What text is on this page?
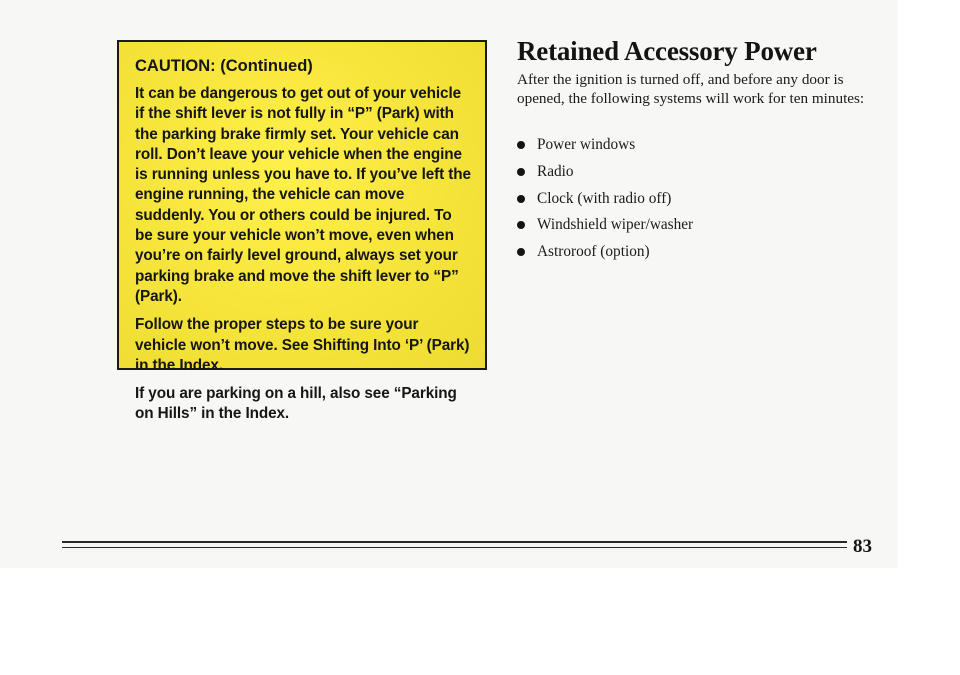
CAUTION: (Continued)

It can be dangerous to get out of your vehicle if the shift lever is not fully in “P” (Park) with the parking brake firmly set. Your vehicle can roll. Don’t leave your vehicle when the engine is running unless you have to. If you’ve left the engine running, the vehicle can move suddenly. You or others could be injured. To be sure your vehicle won’t move, even when you’re on fairly level ground, always set your parking brake and move the shift lever to “P” (Park).

Follow the proper steps to be sure your vehicle won’t move. See Shifting Into ‘P’ (Park) in the Index.

If you are parking on a hill, also see “Parking on Hills” in the Index.

Retained Accessory Power

After the ignition is turned off, and before any door is opened, the following systems will work for ten minutes:

Power windows
Radio
Clock (with radio off)
Windshield wiper/washer
Astroroof (option)
83
